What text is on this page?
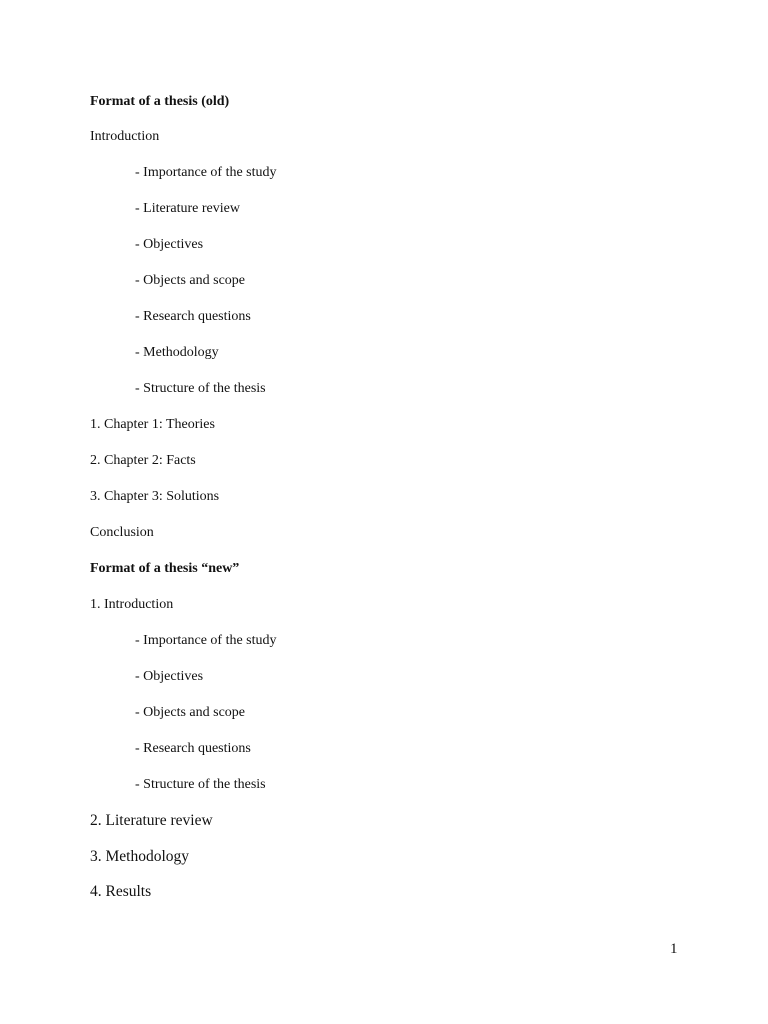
Format of a thesis (old)

Introduction

- Importance of the study

- Literature review

- Objectives

- Objects and scope

- Research questions

- Methodology

- Structure of the thesis

1. Chapter 1: Theories

2. Chapter 2: Facts

3. Chapter 3: Solutions

Conclusion

Format of a thesis “new”

1. Introduction

- Importance of the study

- Objectives

- Objects and scope

- Research questions

- Structure of the thesis

2. Literature review

3. Methodology

4. Results

1
